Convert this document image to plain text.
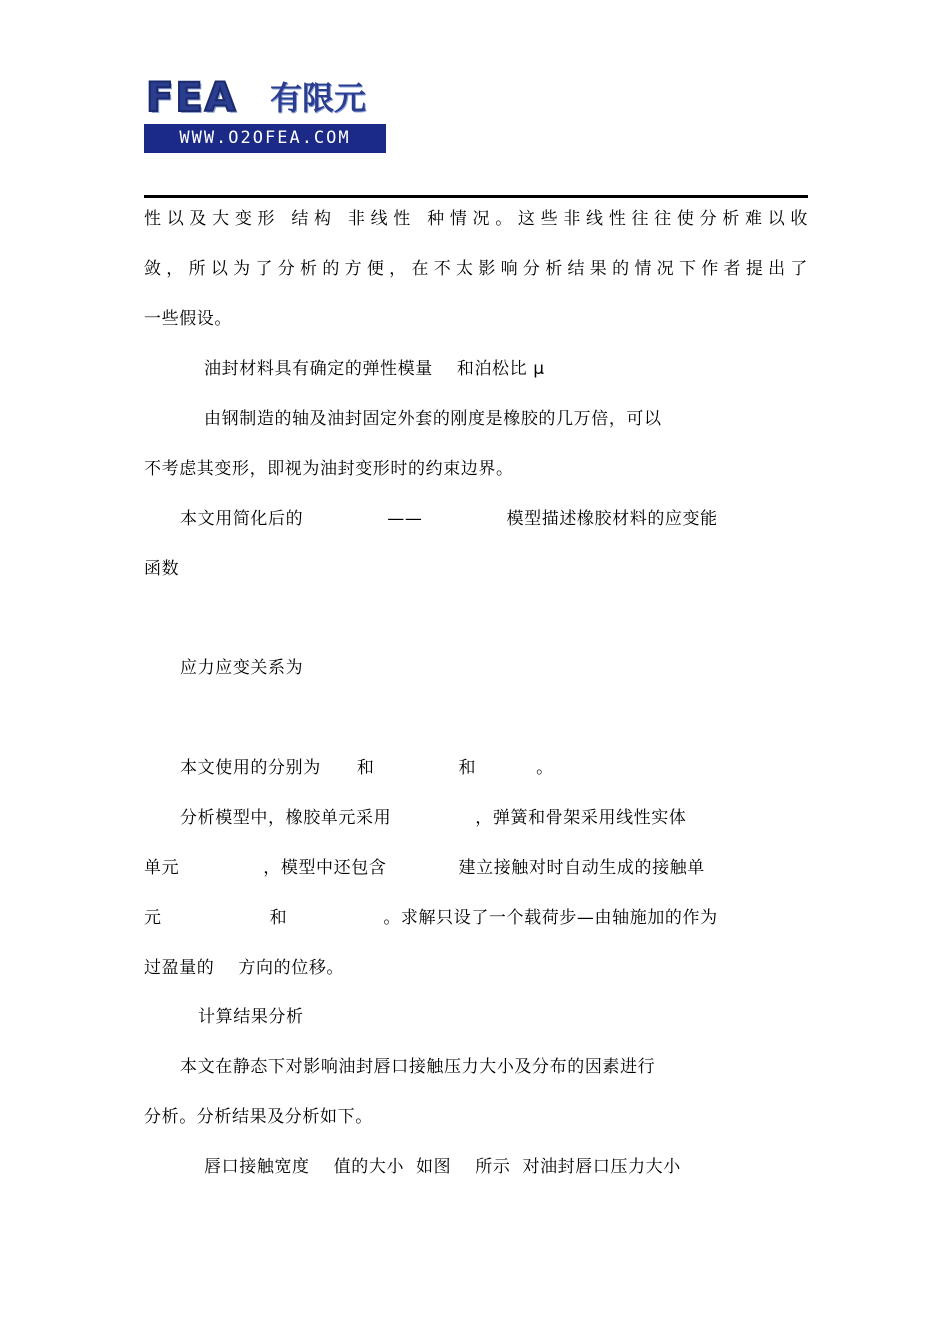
FEA 有限元
WWW.O2OFEA.COM
性以及大变形 结构 非线性 种情况。这些非线性往往使分析难以收
敛，所以为了分析的方便，在不太影响分析结果的情况下作者提出了
一些假设。
油封材料具有确定的弹性模量    和泊松比 μ
由钢制造的轴及油封固定外套的刚度是橡胶的几万倍，可以
不考虑其变形，即视为油封变形时的约束边界。
本文用简化后的              ——              模型描述橡胶材料的应变能
函数
应力应变关系为
本文使用的分别为      和              和          。
分析模型中，橡胶单元采用              ，弹簧和骨架采用线性实体
单元              ，模型中还包含            建立接触对时自动生成的接触单
元                  和                。求解只设了一个载荷步—由轴施加的作为
过盈量的    方向的位移。
计算结果分析
本文在静态下对影响油封唇口接触压力大小及分布的因素进行
分析。分析结果及分析如下。
唇口接触宽度    值的大小  如图    所示  对油封唇口压力大小
